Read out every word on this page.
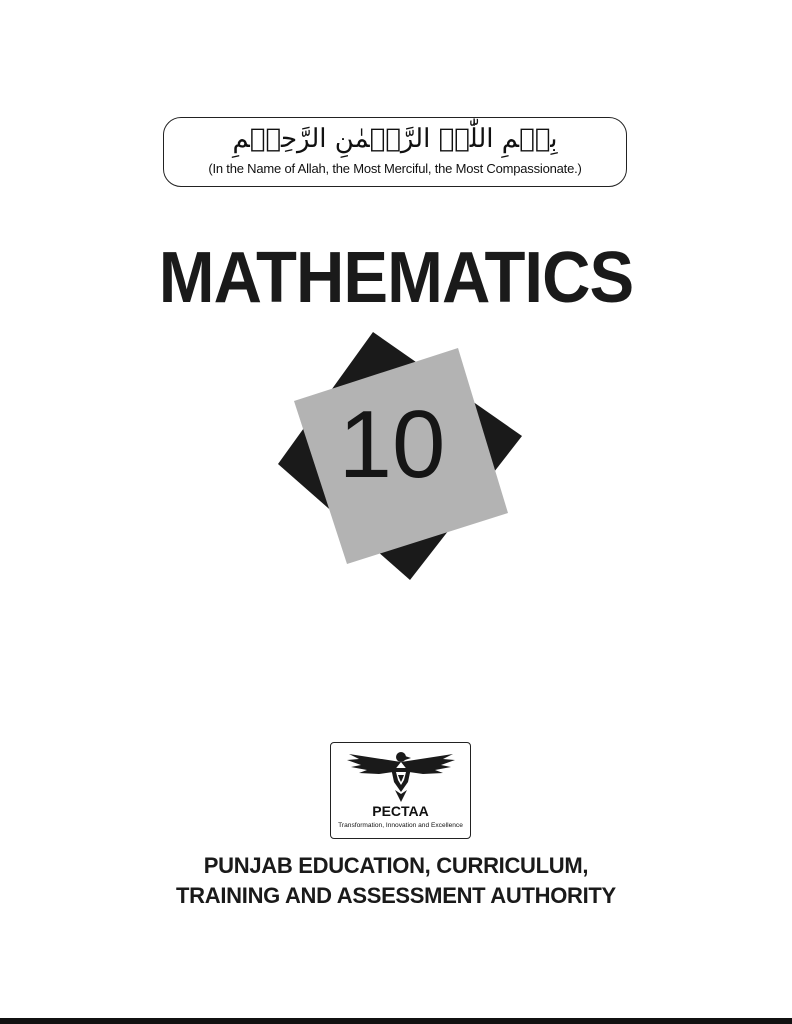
بِسۡمِ اللّٰہِ الرَّحۡمٰنِ الرَّحِیۡمِ
(In the Name of Allah, the Most Merciful, the Most Compassionate.)
MATHEMATICS
10
PECTAA
Transformation, Innovation and Excellence
PUNJAB EDUCATION, CURRICULUM,
TRAINING AND ASSESSMENT AUTHORITY
